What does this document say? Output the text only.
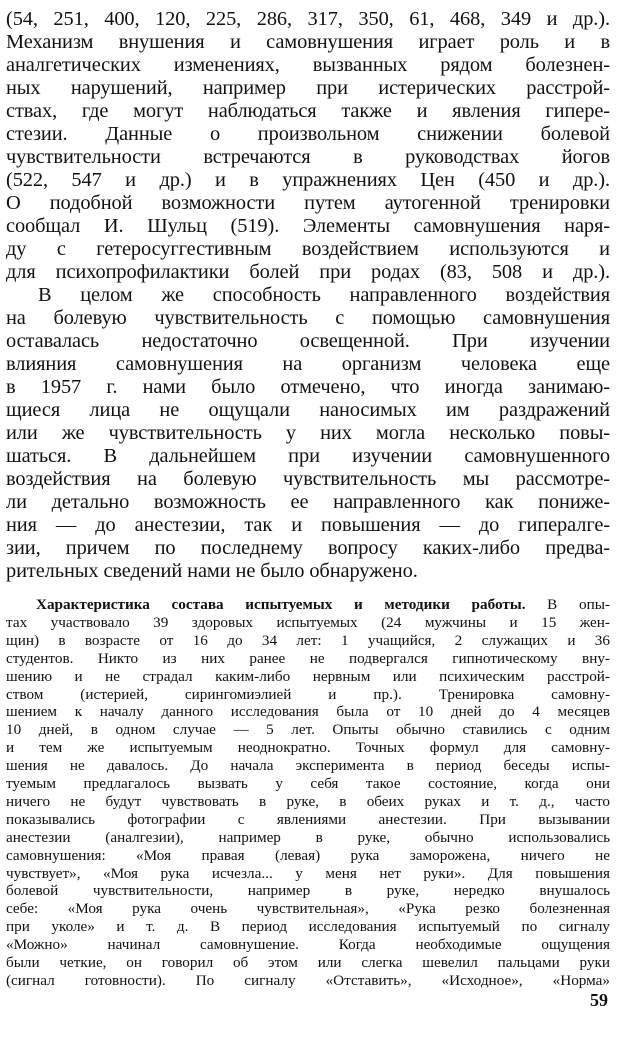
(54, 251, 400, 120, 225, 286, 317, 350, 61, 468, 349 и др.).
Механизм внушения и самовнушения играет роль и в
аналгетических изменениях, вызванных рядом болезнен-
ных нарушений, например при истерических расстрой-
ствах, где могут наблюдаться также и явления гипере-
стезии. Данные о произвольном снижении болевой
чувствительности встречаются в руководствах йогов
(522, 547 и др.) и в упражнениях Цен (450 и др.).
О подобной возможности путем аутогенной тренировки
сообщал И. Шульц (519). Элементы самовнушения наря-
ду с гетеросуггестивным воздействием используются и
для психопрофилактики болей при родах (83, 508 и др.).
В целом же способность направленного воздействия
на болевую чувствительность с помощью самовнушения
оставалась недостаточно освещенной. При изучении
влияния самовнушения на организм человека еще
в 1957 г. нами было отмечено, что иногда занимаю-
щиеся лица не ощущали наносимых им раздражений
или же чувствительность у них могла несколько повы-
шаться. В дальнейшем при изучении самовнушенного
воздействия на болевую чувствительность мы рассмотре-
ли детально возможность ее направленного как пониже-
ния — до анестезии, так и повышения — до гипералге-
зии, причем по последнему вопросу каких-либо предва-
рительных сведений нами не было обнаружено.
Характеристика состава испытуемых и методики работы. В опы-
тах участвовало 39 здоровых испытуемых (24 мужчины и 15 жен-
щин) в возрасте от 16 до 34 лет: 1 учащийся, 2 служащих и 36
студентов. Никто из них ранее не подвергался гипнотическому вну-
шению и не страдал каким-либо нервным или психическим расстрой-
ством (истерией, сирингомиэлией и пр.). Тренировка самовну-
шением к началу данного исследования была от 10 дней до 4 месяцев
10 дней, в одном случае — 5 лет. Опыты обычно ставились с одним
и тем же испытуемым неоднократно. Точных формул для самовну-
шения не давалось. До начала эксперимента в период беседы испы-
туемым предлагалось вызвать у себя такое состояние, когда они
ничего не будут чувствовать в руке, в обеих руках и т. д., часто
показывались фотографии с явлениями анестезии. При вызывании
анестезии (аналгезии), например в руке, обычно использовались
самовнушения: «Моя правая (левая) рука заморожена, ничего не
чувствует», «Моя рука исчезла... у меня нет руки». Для повышения
болевой чувствительности, например в руке, нередко внушалось
себе: «Моя рука очень чувствительная», «Рука резко болезненная
при уколе» и т. д. В период исследования испытуемый по сигналу
«Можно» начинал самовнушение. Когда необходимые ощущения
были четкие, он говорил об этом или слегка шевелил пальцами руки
(сигнал готовности). По сигналу «Отставить», «Исходное», «Норма»
59
